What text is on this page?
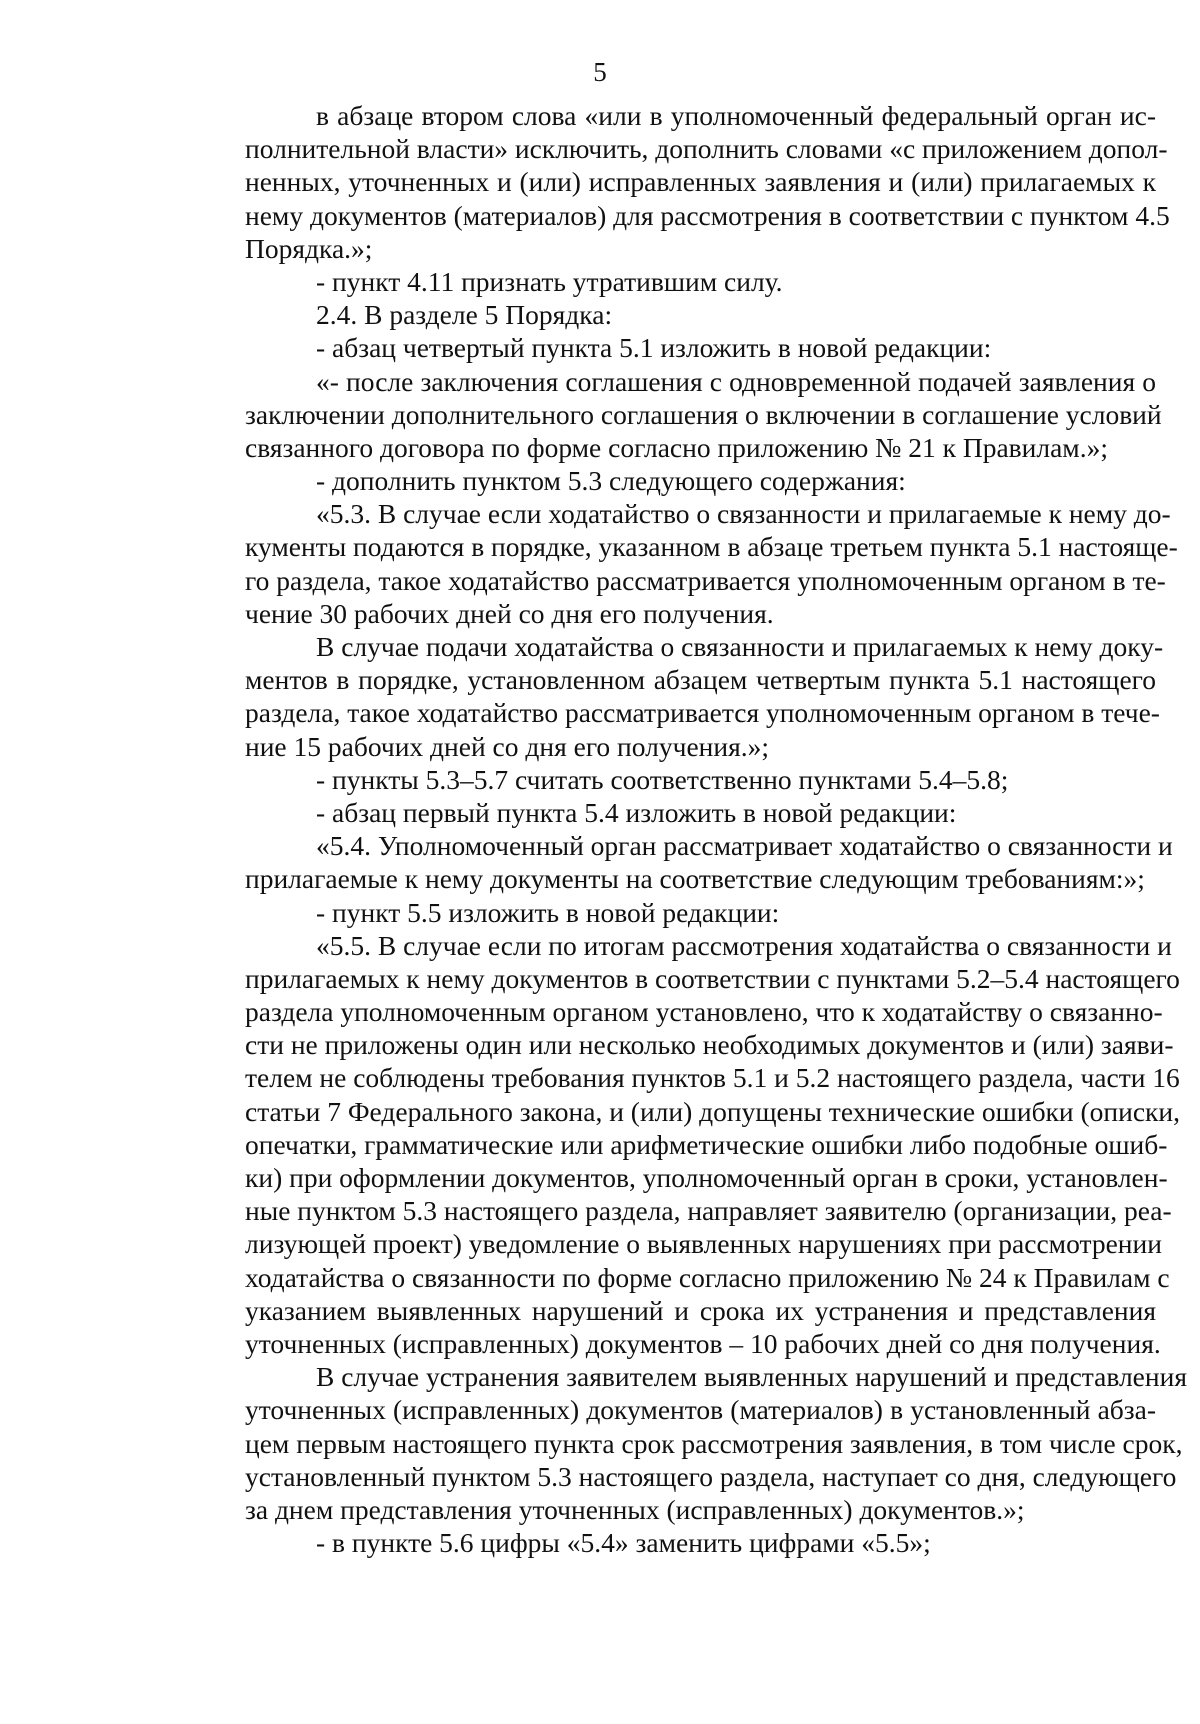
5
в абзаце втором слова «или в уполномоченный федеральный орган ис-
полнительной власти» исключить, дополнить словами «с приложением допол-
ненных, уточненных и (или) исправленных заявления и (или) прилагаемых к
нему документов (материалов) для рассмотрения в соответствии с пунктом 4.5
Порядка.»;
- пункт 4.11 признать утратившим силу.
2.4. В разделе 5 Порядка:
- абзац четвертый пункта 5.1 изложить в новой редакции:
«- после заключения соглашения с одновременной подачей заявления о
заключении дополнительного соглашения о включении в соглашение условий
связанного договора по форме согласно приложению № 21 к Правилам.»;
- дополнить пунктом 5.3 следующего содержания:
«5.3. В случае если ходатайство о связанности и прилагаемые к нему до-
кументы подаются в порядке, указанном в абзаце третьем пункта 5.1 настояще-
го раздела, такое ходатайство рассматривается уполномоченным органом в те-
чение 30 рабочих дней со дня его получения.
В случае подачи ходатайства о связанности и прилагаемых к нему доку-
ментов в порядке, установленном абзацем четвертым пункта 5.1 настоящего
раздела, такое ходатайство рассматривается уполномоченным органом в тече-
ние 15 рабочих дней со дня его получения.»;
- пункты 5.3–5.7 считать соответственно пунктами 5.4–5.8;
- абзац первый пункта 5.4 изложить в новой редакции:
«5.4. Уполномоченный орган рассматривает ходатайство о связанности и
прилагаемые к нему документы на соответствие следующим требованиям:»;
- пункт 5.5 изложить в новой редакции:
«5.5. В случае если по итогам рассмотрения ходатайства о связанности и
прилагаемых к нему документов в соответствии с пунктами 5.2–5.4 настоящего
раздела уполномоченным органом установлено, что к ходатайству о связанно-
сти не приложены один или несколько необходимых документов и (или) заяви-
телем не соблюдены требования пунктов 5.1 и 5.2 настоящего раздела, части 16
статьи 7 Федерального закона, и (или) допущены технические ошибки (описки,
опечатки, грамматические или арифметические ошибки либо подобные ошиб-
ки) при оформлении документов, уполномоченный орган в сроки, установлен-
ные пунктом 5.3 настоящего раздела, направляет заявителю (организации, реа-
лизующей проект) уведомление о выявленных нарушениях при рассмотрении
ходатайства о связанности по форме согласно приложению № 24 к Правилам с
указанием выявленных нарушений и срока их устранения и представления
уточненных (исправленных) документов – 10 рабочих дней со дня получения.
В случае устранения заявителем выявленных нарушений и представления
уточненных (исправленных) документов (материалов) в установленный абза-
цем первым настоящего пункта срок рассмотрения заявления, в том числе срок,
установленный пунктом 5.3 настоящего раздела, наступает со дня, следующего
за днем представления уточненных (исправленных) документов.»;
- в пункте 5.6 цифры «5.4» заменить цифрами «5.5»;
